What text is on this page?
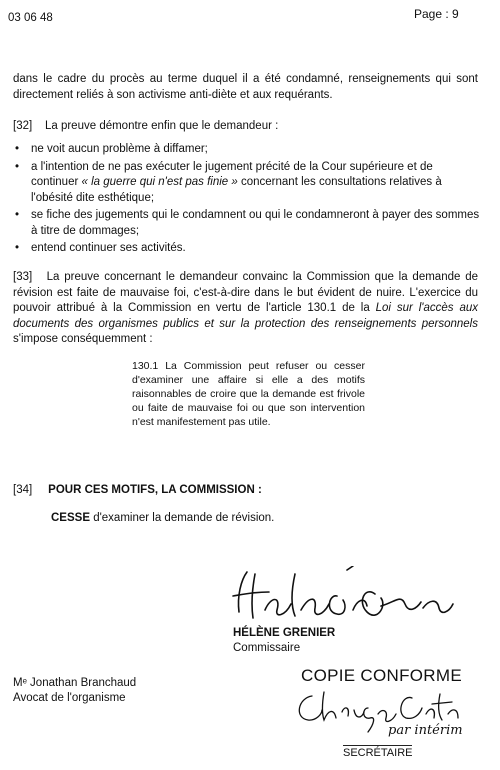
03 06 48	Page : 9
dans le cadre du procès au terme duquel il a été condamné, renseignements qui sont directement reliés à son activisme anti-diète et aux requérants.
[32] La preuve démontre enfin que le demandeur :
• ne voit aucun problème à diffamer;
• a l'intention de ne pas exécuter le jugement précité de la Cour supérieure et de continuer « la guerre qui n'est pas finie » concernant les consultations relatives à l'obésité dite esthétique;
• se fiche des jugements qui le condamnent ou qui le condamneront à payer des sommes à titre de dommages;
• entend continuer ses activités.
[33] La preuve concernant le demandeur convainc la Commission que la demande de révision est faite de mauvaise foi, c'est-à-dire dans le but évident de nuire. L'exercice du pouvoir attribué à la Commission en vertu de l'article 130.1 de la Loi sur l'accès aux documents des organismes publics et sur la protection des renseignements personnels s'impose conséquemment :
130.1 La Commission peut refuser ou cesser d'examiner une affaire si elle a des motifs raisonnables de croire que la demande est frivole ou faite de mauvaise foi ou que son intervention n'est manifestement pas utile.
[34] POUR CES MOTIFS, LA COMMISSION :
CESSE d'examiner la demande de révision.
HÉLÈNE GRENIER
Commissaire
Mᵉ Jonathan Branchaud
Avocat de l'organisme
COPIE CONFORME
par intérim
SECRÉTAIRE
